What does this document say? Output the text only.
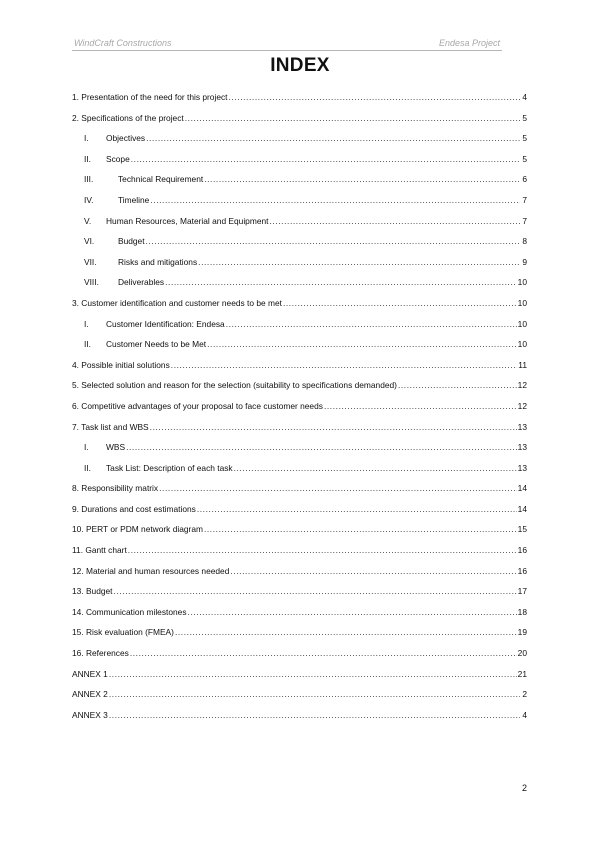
WindCraft Constructions	Endesa Project
INDEX
1. Presentation of the need for this project .....	4
2. Specifications of the project .....	5
I.	Objectives .....	5
II.	Scope .....	5
III.	Technical Requirement .....	6
IV.	Timeline .....	7
V.	Human Resources, Material and Equipment .....	7
VI.	Budget .....	8
VII.	Risks and mitigations .....	9
VIII.	Deliverables .....	10
3. Customer identification and customer needs to be met .....	10
I.	Customer Identification: Endesa .....	10
II.	Customer Needs to be Met .....	10
4. Possible initial solutions .....	11
5. Selected solution and reason for the selection (suitability to specifications demanded) .....	12
6. Competitive advantages of your proposal to face customer needs .....	12
7. Task list and WBS .....	13
I.	WBS .....	13
II.	Task List: Description of each task .....	13
8. Responsibility matrix .....	14
9. Durations and cost estimations .....	14
10. PERT or PDM network diagram .....	15
11. Gantt chart .....	16
12. Material and human resources needed .....	16
13. Budget .....	17
14. Communication milestones .....	18
15. Risk evaluation (FMEA) .....	19
16. References .....	20
ANNEX 1 .....	21
ANNEX 2 .....	2
ANNEX 3 .....	4
2
